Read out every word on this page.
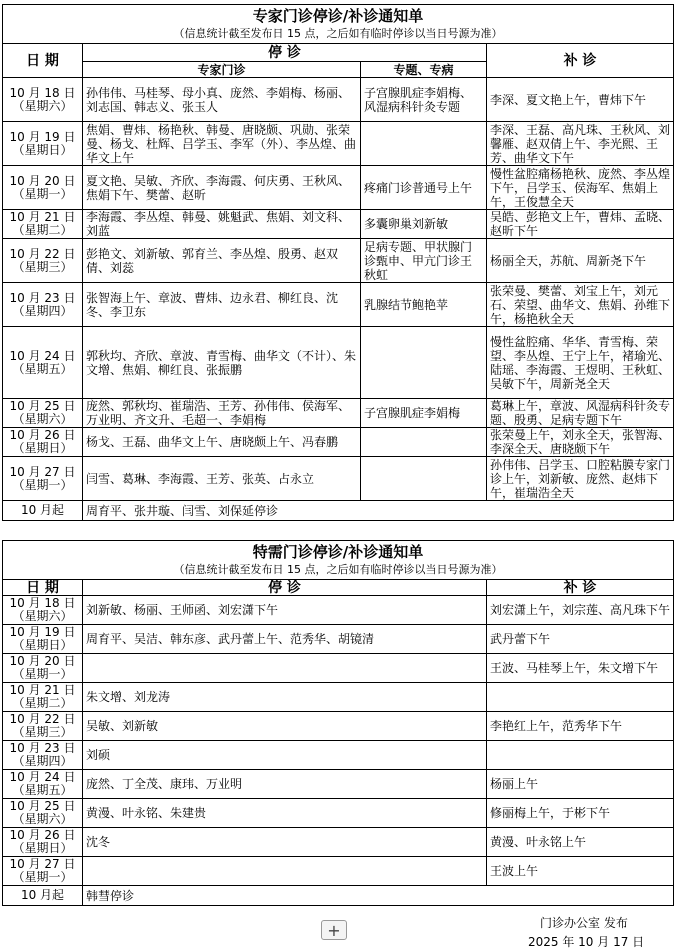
专家门诊停诊/补诊通知单
（信息统计截至发布日 15 点，之后如有临时停诊以当日号源为准）			

日 期	停 诊		补 诊
	专家门诊	专题、专病	

10 月 18 日
（星期六）	孙伟伟、马桂琴、母小真、庞然、李娟梅、杨丽、刘志国、韩志义、张玉人	子宫腺肌症李娟梅、风湿病科针灸专题	李深、夏文艳上午，曹炜下午

10 月 19 日
（星期日）	焦娟、曹炜、杨艳秋、韩曼、唐晓颇、巩勋、张荣曼、杨戈、杜辉、吕学玉、李军（外）、李丛煌、曲华文上午		李深、王磊、高凡珠、王秋风、刘馨雁、赵双倩上午、李光熙、王芳、曲华文下午

10 月 20 日
（星期一）	夏文艳、吴敏、齐欣、李海霞、何庆勇、王秋风、焦娟下午、樊蕾、赵昕	疼痛门诊普通号上午	慢性盆腔痛杨艳秋、庞然、李丛煌下午，吕学玉、侯海军、焦娟上午，王俊慧全天

10 月 21 日
（星期二）	李海霞、李丛煌、韩曼、姚魁武、焦娟、刘文科、刘蓝	多囊卵巢刘新敏	吴皓、彭艳文上午，曹炜、孟晓、赵昕下午

10 月 22 日
（星期三）	彭艳文、刘新敏、郭育兰、李丛煌、殷勇、赵双倩、刘蕊	足病专题、甲状腺门诊甄申、甲亢门诊王秋虹	杨丽全天，苏航、周新尧下午

10 月 23 日
（星期四）	张智海上午、章波、曹炜、边永君、柳红良、沈冬、李卫东	乳腺结节鲍艳苹	张荣曼、樊蕾、刘宝上午，刘元石、荣望、曲华文、焦娟、孙维下午，杨艳秋全天

10 月 24 日
（星期五）	郭秋均、齐欣、章波、青雪梅、曲华文（不计）、朱文增、焦娟、柳红良、张振鹏		慢性盆腔痛、华华、青雪梅、荣望、李丛煌、王宁上午，褚瑜光、陆瑶、李海霞、王煜明、王秋虹、吴敏下午，周新尧全天

10 月 25 日
（星期六）	庞然、郭秋均、崔瑞浩、王芳、孙伟伟、侯海军、万业明、齐文升、毛超一、李娟梅	子宫腺肌症李娟梅	葛琳上午，章波、风湿病科针灸专题、殷勇、足病专题下午

10 月 26 日
（星期日）	杨戈、王磊、曲华文上午、唐晓颇上午、冯春鹏		张荣曼上午，刘永全天，张智海、李深全天、唐晓颇下午

10 月 27 日
（星期一）	闫雪、葛琳、李海霞、王芳、张英、占永立		孙伟伟、吕学玉、口腔粘膜专家门诊上午，刘新敏、庞然、赵炜下午，崔瑞浩全天
10 月起	周育平、张井璇、闫雪、刘保延停诊		
特需门诊停诊/补诊通知单
（信息统计截至发布日 15 点，之后如有临时停诊以当日号源为准）		

日 期	停 诊	补 诊

10 月 18 日
（星期六）	刘新敏、杨丽、王师函、刘宏潇下午	刘宏潇上午，刘宗莲、高凡珠下午

10 月 19 日
（星期日）	周育平、吴洁、韩东彦、武丹蕾上午、范秀华、胡镜清	武丹蕾下午

10 月 20 日
（星期一）		王波、马桂琴上午，朱文增下午

10 月 21 日
（星期二）	朱文增、刘龙涛	

10 月 22 日
（星期三）	吴敏、刘新敏	李艳红上午，范秀华下午

10 月 23 日
（星期四）	刘硕	

10 月 24 日
（星期五）	庞然、丁全茂、康玮、万业明	杨丽上午

10 月 25 日
（星期六）	黄漫、叶永铭、朱建贵	修丽梅上午，于彬下午

10 月 26 日
（星期日）	沈冬	黄漫、叶永铭上午

10 月 27 日
（星期一）		王波上午
10 月起	韩彗停诊	
+	门诊办公室 发布
2025 年 10 月 17 日
